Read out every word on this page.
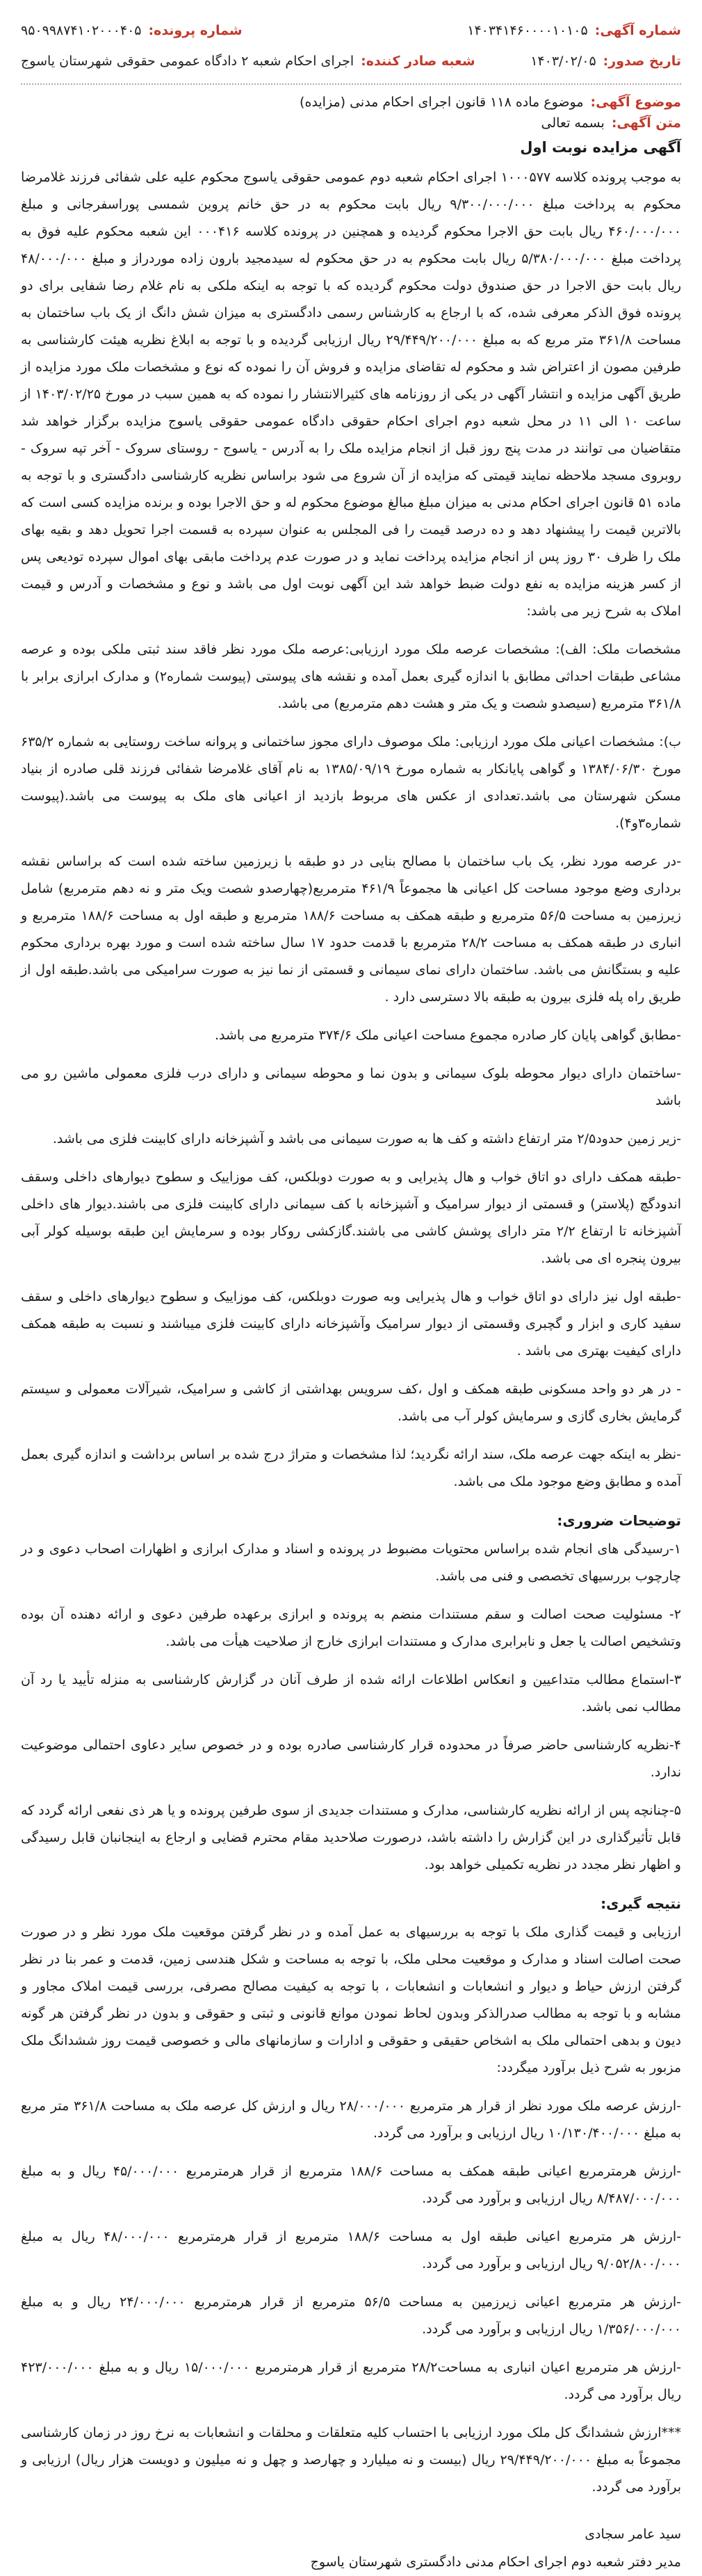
شماره آگهی:
۱۴۰۳۴۱۴۶۰۰۰۰۱۰۱۰۵
شماره پرونده:
۹۵۰۹۹۸۷۴۱۰۲۰۰۰۴۰۵
تاریخ صدور:
۱۴۰۳/۰۲/۰۵
شعبه صادر کننده:
اجرای احکام شعبه ۲ دادگاه عمومی حقوقی شهرستان یاسوج
موضوع آگهی:
موضوع ماده ۱۱۸ قانون اجرای احکام مدنی (مزایده)
متن آگهی:
بسمه تعالی
آگهی مزایده نوبت اول

به موجب پرونده کلاسه ۱۰۰۰۵۷۷ اجرای احکام شعبه دوم عمومی حقوقی یاسوج محکوم علیه علی شفائی فرزند غلامرضا محکوم به پرداخت مبلغ ۹/۳۰۰/۰۰۰/۰۰۰ ریال بابت محکوم به در حق خانم پروین شمسی پوراسفرجانی و مبلغ ۴۶۰/۰۰۰/۰۰۰ ریال بابت حق الاجرا محکوم گردیده و همچنین در پرونده کلاسه ۰۰۰۴۱۶ این شعبه محکوم علیه فوق به پرداخت مبلغ ۵/۳۸۰/۰۰۰/۰۰۰ ریال بابت محکوم به در حق محکوم له سیدمجید بارون زاده موردراز و مبلغ ۴۸/۰۰۰/۰۰۰ ریال بابت حق الاجرا در حق صندوق دولت محکوم گردیده که با توجه به اینکه ملکی به نام غلام رضا شفایی برای دو پرونده فوق الذکر معرفی شده، که با ارجاع به کارشناس رسمی دادگستری به میزان شش دانگ از یک باب ساختمان به مساحت ۳۶۱/۸ متر مربع که به مبلغ ۲۹/۴۴۹/۲۰۰/۰۰۰ ریال ارزیابی گردیده و با توجه به ابلاغ نظریه هیئت کارشناسی به طرفین مصون از اعتراض شد و محکوم له تقاضای مزایده و فروش آن را نموده که نوع و مشخصات ملک مورد مزایده از طریق آگهی مزایده و انتشار آگهی در یکی از روزنامه های کثیرالانتشار را نموده که به همین سبب در مورخ ۱۴۰۳/۰۲/۲۵ از ساعت ۱۰ الی ۱۱ در محل شعبه دوم اجرای احکام حقوقی دادگاه عمومی حقوقی یاسوج مزایده برگزار خواهد شد متقاضیان می توانند در مدت پنج روز قبل از انجام مزایده ملک را به آدرس - یاسوج - روستای سروک - آخر تپه سروک - روبروی مسجد ملاحظه نمایند قیمتی که مزایده از آن شروع می شود براساس نظریه کارشناسی دادگستری و با توجه به ماده ۵۱ قانون اجرای احکام مدنی به میزان مبلغ مبالغ موضوع محکوم له و حق الاجرا بوده و برنده مزایده کسی است که بالاترین قیمت را پیشنهاد دهد و ده درصد قیمت را فی المجلس به عنوان سپرده به قسمت اجرا تحویل دهد و بقیه بهای ملک را ظرف ۳۰ روز پس از انجام مزایده پرداخت نماید و در صورت عدم پرداخت مابقی بهای اموال سپرده تودیعی پس از کسر هزینه مزایده به نفع دولت ضبط خواهد شد این آگهی نوبت اول می باشد و نوع و مشخصات و آدرس و قیمت املاک به شرح زیر می باشد:

مشخصات ملک: الف): مشخصات عرصه ملک مورد ارزیابی:عرصه ملک مورد نظر فاقد سند ثبتی ملکی بوده و عرصه مشاعی طبقات احداثی مطابق با اندازه گیری بعمل آمده و نقشه های پیوستی (پیوست شماره۲) و مدارک ابرازی برابر با ۳۶۱/۸ مترمربع (سیصدو شصت و یک متر و هشت دهم مترمربع) می باشد.

ب): مشخصات اعیانی ملک مورد ارزیابی: ملک موصوف دارای مجوز ساختمانی و پروانه ساخت روستایی به شماره ۶۳۵/۲ مورخ ۱۳۸۴/۰۶/۳۰ و گواهی پایانکار به شماره مورخ ۱۳۸۵/۰۹/۱۹ به نام آقای غلامرضا شفائی فرزند قلی صادره از بنیاد مسکن شهرستان می باشد.تعدادی از عکس های مربوط بازدید از اعیانی های ملک به پیوست می باشد.(پیوست شماره۳و۴).

-در عرصه مورد نظر، یک باب ساختمان با مصالح بنایی در دو طبقه با زیرزمین ساخته شده است که براساس نقشه برداری وضع موجود مساحت کل اعیانی ها مجموعاً ۴۶۱/۹ مترمربع(چهارصدو شصت ویک متر و نه دهم مترمربع) شامل زیرزمین به مساحت ۵۶/۵ مترمربع و طبقه همکف به مساحت ۱۸۸/۶ مترمربع و طبقه اول به مساحت ۱۸۸/۶ مترمربع و انباری در طبقه همکف به مساحت ۲۸/۲ مترمربع با قدمت حدود ۱۷ سال ساخته شده است و مورد بهره برداری محکوم علیه و بستگانش می باشد. ساختمان دارای نمای سیمانی و قسمتی از نما نیز به صورت سرامیکی می باشد.طبقه اول از طریق راه پله فلزی بیرون به طبقه بالا دسترسی دارد .

-مطابق گواهی پایان کار صادره مجموع مساحت اعیانی ملک ۳۷۴/۶ مترمربع می باشد.

-ساختمان دارای دیوار محوطه بلوک سیمانی و بدون نما و محوطه سیمانی و دارای درب فلزی معمولی ماشین رو می باشد

-زیر زمین حدود۲/۵ متر ارتفاع داشته و کف ها به صورت سیمانی می باشد و آشپزخانه دارای کابینت فلزی می باشد.

-طبقه همکف دارای دو اتاق خواب و هال پذیرایی و به صورت دوبلکس، کف موزاییک و سطوح دیوارهای داخلی وسقف اندودگچ (پلاستر) و قسمتی از دیوار سرامیک و آشپزخانه با کف سیمانی دارای کابینت فلزی می باشند.دیوار های داخلی آشپزخانه تا ارتفاع ۲/۲ متر دارای پوشش کاشی می باشند.گازکشی روکار بوده و سرمایش این طبقه بوسیله کولر آبی بیرون پنجره ای می باشد.

-طبقه اول نیز دارای دو اتاق خواب و هال پذیرایی وبه صورت دوبلکس، کف موزاییک و سطوح دیوارهای داخلی و سقف سفید کاری و ابزار و گچبری وقسمتی از دیوار سرامیک وآشپزخانه دارای کابینت فلزی میباشند و نسبت به طبقه همکف دارای کیفیت بهتری می باشد .

- در هر دو واحد مسکونی طبقه همکف و اول ،کف سرویس بهداشتی از کاشی و سرامیک، شیرآلات معمولی و سیستم گرمایش بخاری گازی و سرمایش کولر آب می باشد.

-نظر به اینکه جهت عرصه ملک، سند ارائه نگردید؛ لذا مشخصات و متراژ درج شده بر اساس برداشت و اندازه گیری بعمل آمده و مطابق وضع موجود ملک می باشد.

توضیحات ضروری:

۱-رسیدگی های انجام شده براساس محتویات مضبوط در پرونده و اسناد و مدارک ابرازی و اظهارات اصحاب دعوی و در چارچوب بررسیهای تخصصی و فنی می باشد.

۲- مسئولیت صحت اصالت و سقم مستندات منضم به پرونده و ابرازی برعهده طرفین دعوی و ارائه دهنده آن بوده وتشخیص اصالت یا جعل و نابرابری مدارک و مستندات ابرازی خارج از صلاحیت هیأت می باشد.

۳-استماع مطالب متداعیین و انعکاس اطلاعات ارائه شده از طرف آنان در گزارش کارشناسی به منزله تأیید یا رد آن مطالب نمی باشد.

۴-نظریه کارشناسی حاضر صرفاً در محدوده قرار کارشناسی صادره بوده و در خصوص سایر دعاوی احتمالی موضوعیت ندارد.

۵-چنانچه پس از ارائه نظریه کارشناسی، مدارک و مستندات جدیدی از سوی طرفین پرونده و یا هر ذی نفعی ارائه گردد که قابل تأثیرگذاری در این گزارش را داشته باشد، درصورت صلاحدید مقام محترم قضایی و ارجاع به اینجانبان قابل رسیدگی و اظهار نظر مجدد در نظریه تکمیلی خواهد بود.

نتیجه گیری:

ارزیابی و قیمت گذاری ملک با توجه به بررسیهای به عمل آمده و در نظر گرفتن موقعیت ملک مورد نظر و در صورت صحت اصالت اسناد و مدارک و موقعیت محلی ملک، با توجه به مساحت و شکل هندسی زمین، قدمت و عمر بنا در نظر گرفتن ارزش حیاط و دیوار و انشعابات و انشعابات ، با توجه به کیفیت مصالح مصرفی، بررسی قیمت املاک مجاور و مشابه و با توجه به مطالب صدرالذکر وبدون لحاظ نمودن موانع قانونی و ثبتی و حقوقی و بدون در نظر گرفتن هر گونه دیون و بدهی احتمالی ملک به اشخاص حقیقی و حقوقی و ادارات و سازمانهای مالی و خصوصی قیمت روز ششدانگ ملک مزبور به شرح ذیل برآورد میگردد:

-ارزش عرصه ملک مورد نظر از قرار هر مترمربع ۲۸/۰۰۰/۰۰۰ ریال و ارزش کل عرصه ملک به مساحت ۳۶۱/۸ متر مربع به مبلغ ۱۰/۱۳۰/۴۰۰/۰۰۰ ریال ارزیابی و برآورد می گردد.

-ارزش هرمترمربع اعیانی طبقه همکف به مساحت ۱۸۸/۶ مترمربع از قرار هرمترمربع ۴۵/۰۰۰/۰۰۰ ریال و به مبلغ ۸/۴۸۷/۰۰۰/۰۰۰ ریال ارزیابی و برآورد می گردد.

-ارزش هر مترمربع اعیانی طبقه اول به مساحت ۱۸۸/۶ مترمربع از قرار هرمترمربع ۴۸/۰۰۰/۰۰۰ ریال به مبلغ ۹/۰۵۲/۸۰۰/۰۰۰ ریال ارزیابی و برآورد می گردد.

-ارزش هر مترمربع اعیانی زیرزمین به مساحت ۵۶/۵ مترمربع از قرار هرمترمربع ۲۴/۰۰۰/۰۰۰ ریال و به مبلغ ۱/۳۵۶/۰۰۰/۰۰۰ ریال ارزیابی و برآورد می گردد.

-ارزش هر مترمربع اعیان انباری به مساحت۲۸/۲ مترمربع از قرار هرمترمربع ۱۵/۰۰۰/۰۰۰ ریال و به مبلغ ۴۲۳/۰۰۰/۰۰۰ ریال برآورد می گردد.

***ارزش ششدانگ کل ملک مورد ارزیابی با احتساب کلیه متعلقات و محلقات و انشعابات به نرخ روز در زمان کارشناسی مجموعاً به مبلغ ۲۹/۴۴۹/۲۰۰/۰۰۰ ریال (بیست و نه میلیارد و چهارصد و چهل و نه میلیون و دویست هزار ریال) ارزیابی و برآورد می گردد.

سید عامر سجادی
مدیر دفتر شعبه دوم اجرای احکام مدنی دادگستری شهرستان یاسوج
